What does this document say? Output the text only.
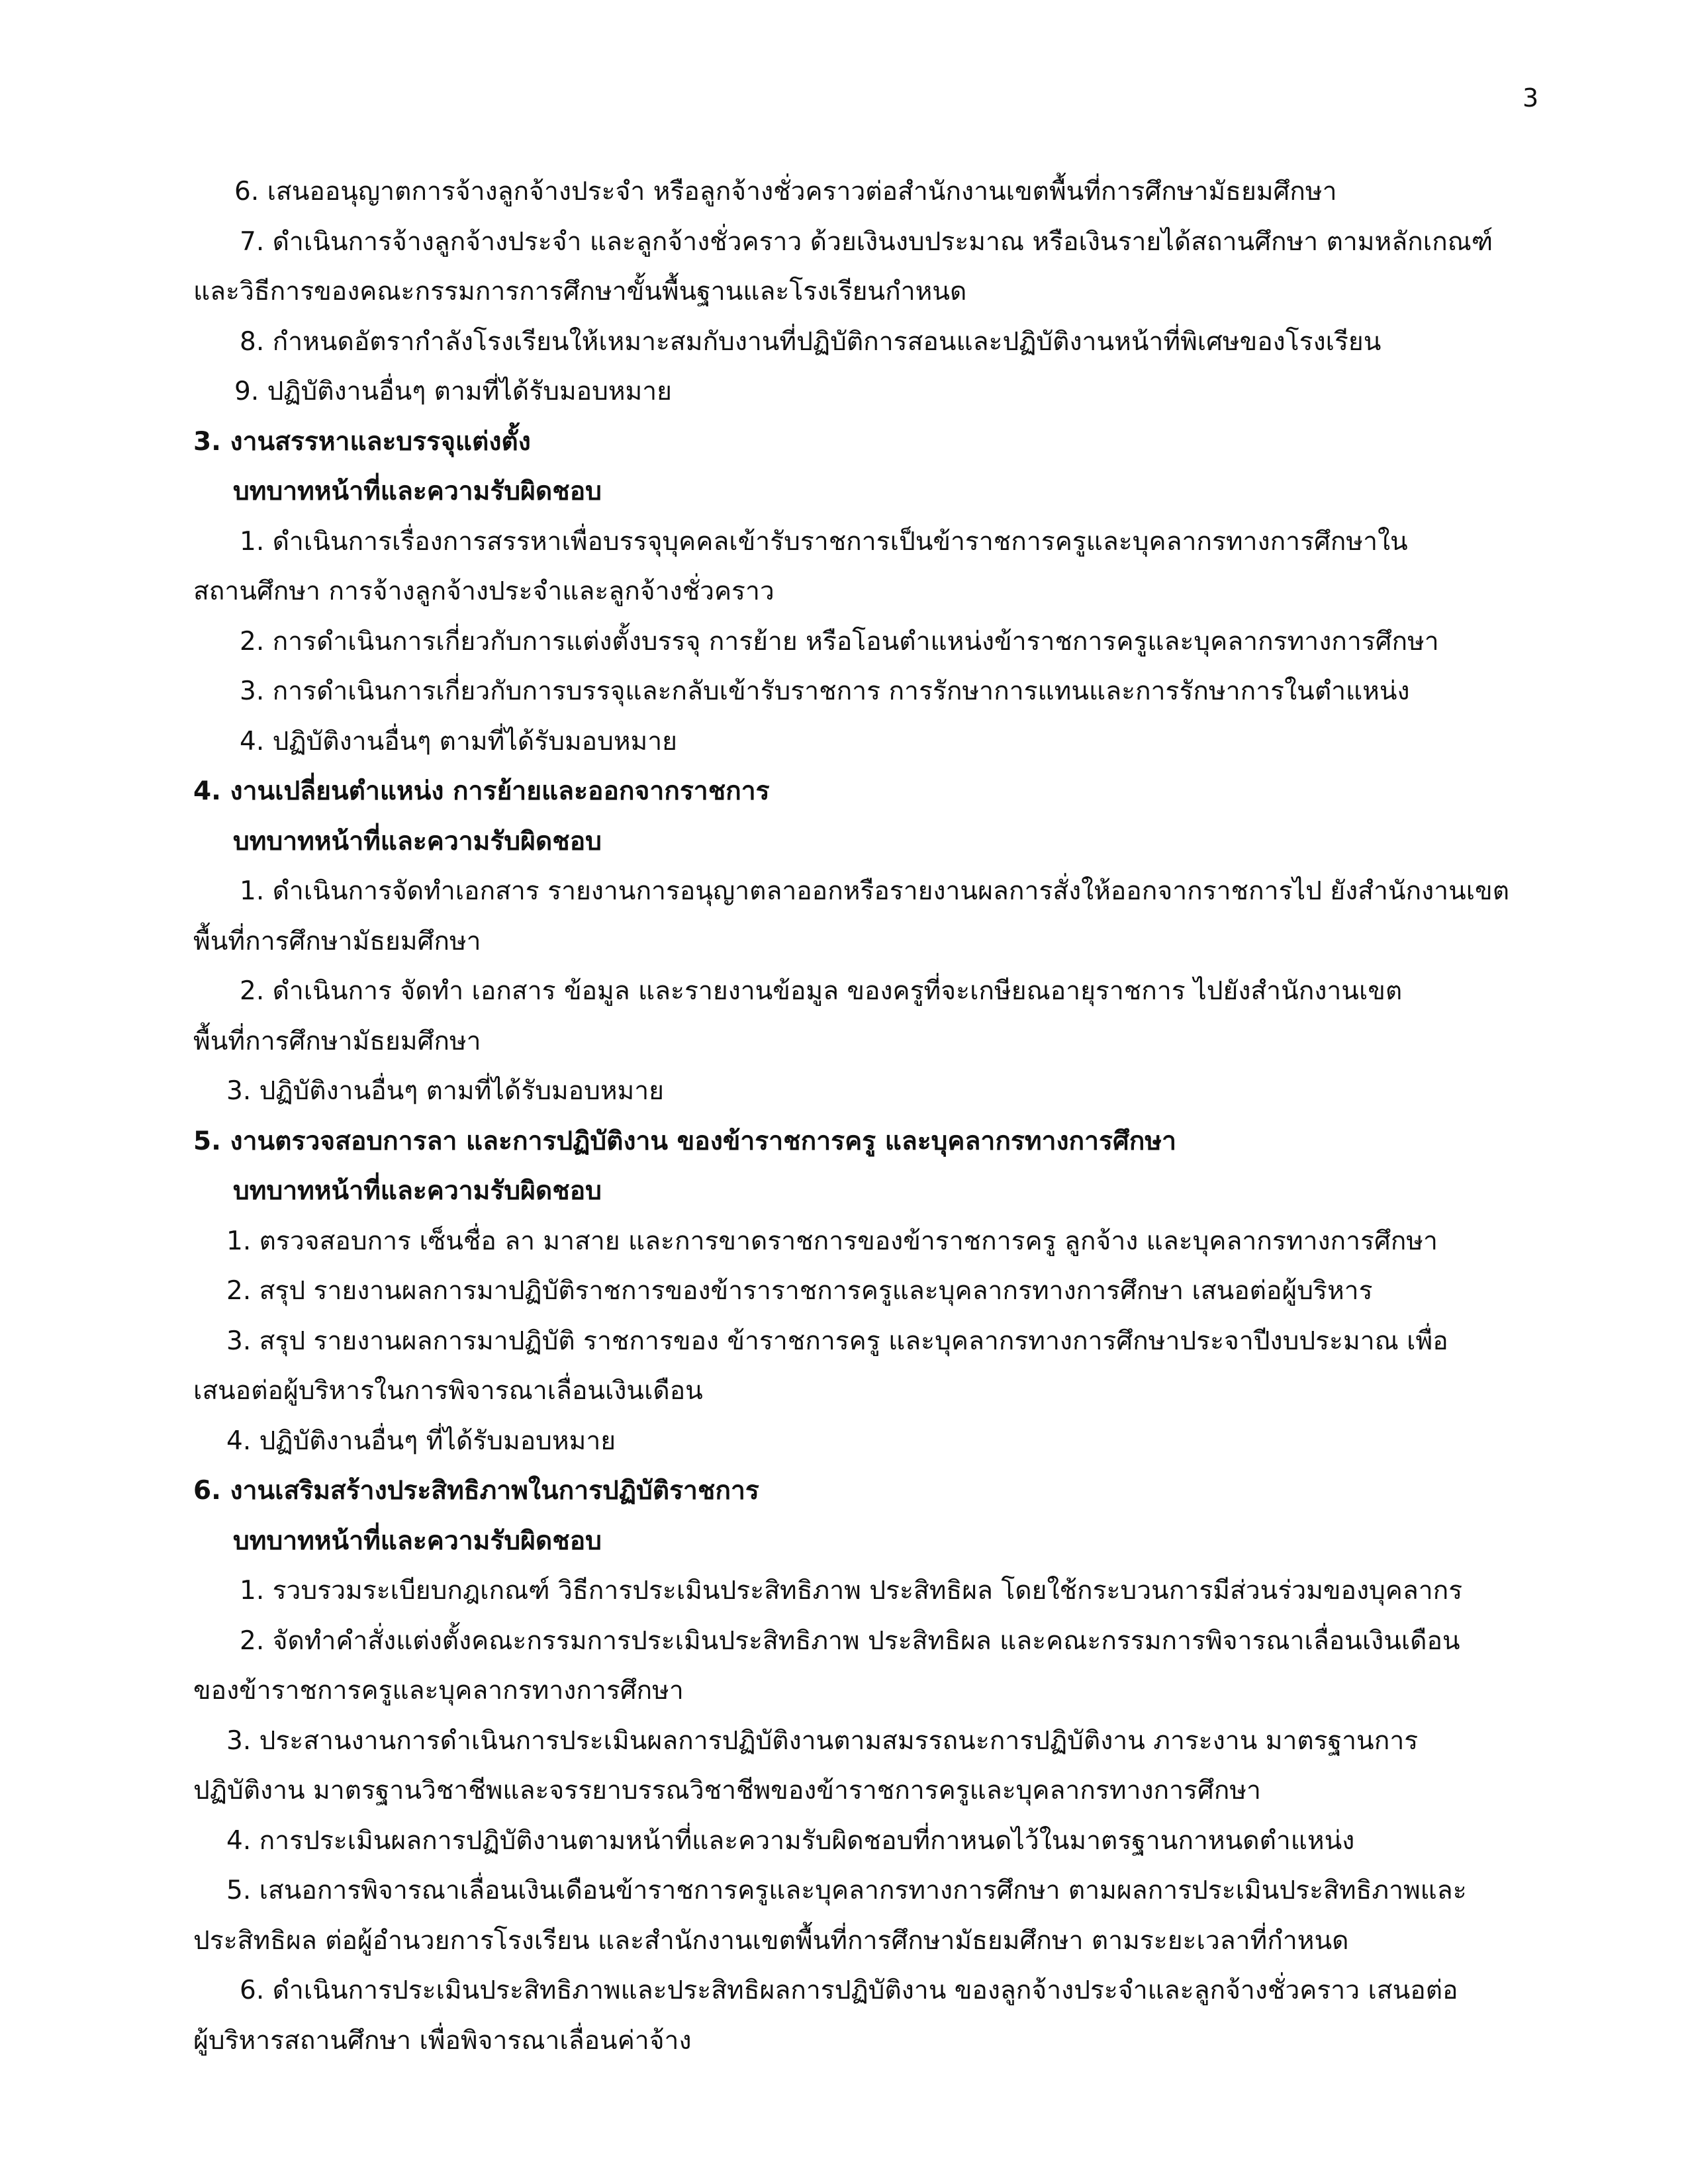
3

6. เสนออนุญาตการจ้างลูกจ้างประจำ หรือลูกจ้างชั่วคราวต่อสำนักงานเขตพื้นที่การศึกษามัธยมศึกษา

7. ดำเนินการจ้างลูกจ้างประจำ และลูกจ้างชั่วคราว ด้วยเงินงบประมาณ หรือเงินรายได้สถานศึกษา ตามหลักเกณฑ์

และวิธีการของคณะกรรมการการศึกษาขั้นพื้นฐานและโรงเรียนกำหนด

8. กำหนดอัตรากำลังโรงเรียนให้เหมาะสมกับงานที่ปฏิบัติการสอนและปฏิบัติงานหน้าที่พิเศษของโรงเรียน

9. ปฏิบัติงานอื่นๆ ตามที่ได้รับมอบหมาย

3. งานสรรหาและบรรจุแต่งตั้ง

บทบาทหน้าที่และความรับผิดชอบ

1. ดำเนินการเรื่องการสรรหาเพื่อบรรจุบุคคลเข้ารับราชการเป็นข้าราชการครูและบุคลากรทางการศึกษาใน

สถานศึกษา การจ้างลูกจ้างประจำและลูกจ้างชั่วคราว

2. การดำเนินการเกี่ยวกับการแต่งตั้งบรรจุ การย้าย หรือโอนตำแหน่งข้าราชการครูและบุคลากรทางการศึกษา

3. การดำเนินการเกี่ยวกับการบรรจุและกลับเข้ารับราชการ การรักษาการแทนและการรักษาการในตำแหน่ง

4. ปฏิบัติงานอื่นๆ ตามที่ได้รับมอบหมาย

4. งานเปลี่ยนตำแหน่ง การย้ายและออกจากราชการ

บทบาทหน้าที่และความรับผิดชอบ

1. ดำเนินการจัดทำเอกสาร รายงานการอนุญาตลาออกหรือรายงานผลการสั่งให้ออกจากราชการไป ยังสำนักงานเขต

พื้นที่การศึกษามัธยมศึกษา

2. ดำเนินการ จัดทำ เอกสาร ข้อมูล และรายงานข้อมูล ของครูที่จะเกษียณอายุราชการ ไปยังสำนักงานเขต

พื้นที่การศึกษามัธยมศึกษา

3. ปฏิบัติงานอื่นๆ ตามที่ได้รับมอบหมาย

5. งานตรวจสอบการลา และการปฏิบัติงาน ของข้าราชการครู และบุคลากรทางการศึกษา

บทบาทหน้าที่และความรับผิดชอบ

1. ตรวจสอบการ เซ็นชื่อ ลา มาสาย และการขาดราชการของข้าราชการครู ลูกจ้าง และบุคลากรทางการศึกษา

2. สรุป รายงานผลการมาปฏิบัติราชการของข้าราราชการครูและบุคลากรทางการศึกษา เสนอต่อผู้บริหาร

3. สรุป รายงานผลการมาปฏิบัติ ราชการของ ข้าราชการครู และบุคลากรทางการศึกษาประจาปีงบประมาณ เพื่อ

เสนอต่อผู้บริหารในการพิจารณาเลื่อนเงินเดือน

4. ปฏิบัติงานอื่นๆ ที่ได้รับมอบหมาย

6. งานเสริมสร้างประสิทธิภาพในการปฏิบัติราชการ

บทบาทหน้าที่และความรับผิดชอบ

1. รวบรวมระเบียบกฎเกณฑ์ วิธีการประเมินประสิทธิภาพ ประสิทธิผล โดยใช้กระบวนการมีส่วนร่วมของบุคลากร

2. จัดทำคำสั่งแต่งตั้งคณะกรรมการประเมินประสิทธิภาพ ประสิทธิผล และคณะกรรมการพิจารณาเลื่อนเงินเดือน

ของข้าราชการครูและบุคลากรทางการศึกษา

3. ประสานงานการดำเนินการประเมินผลการปฏิบัติงานตามสมรรถนะการปฏิบัติงาน ภาระงาน มาตรฐานการ

ปฏิบัติงาน มาตรฐานวิชาชีพและจรรยาบรรณวิชาชีพของข้าราชการครูและบุคลากรทางการศึกษา

4. การประเมินผลการปฏิบัติงานตามหน้าที่และความรับผิดชอบที่กาหนดไว้ในมาตรฐานกาหนดตำแหน่ง

5. เสนอการพิจารณาเลื่อนเงินเดือนข้าราชการครูและบุคลากรทางการศึกษา ตามผลการประเมินประสิทธิภาพและ

ประสิทธิผล ต่อผู้อำนวยการโรงเรียน และสำนักงานเขตพื้นที่การศึกษามัธยมศึกษา ตามระยะเวลาที่กำหนด

6. ดำเนินการประเมินประสิทธิภาพและประสิทธิผลการปฏิบัติงาน ของลูกจ้างประจำและลูกจ้างชั่วคราว เสนอต่อ

ผู้บริหารสถานศึกษา เพื่อพิจารณาเลื่อนค่าจ้าง
